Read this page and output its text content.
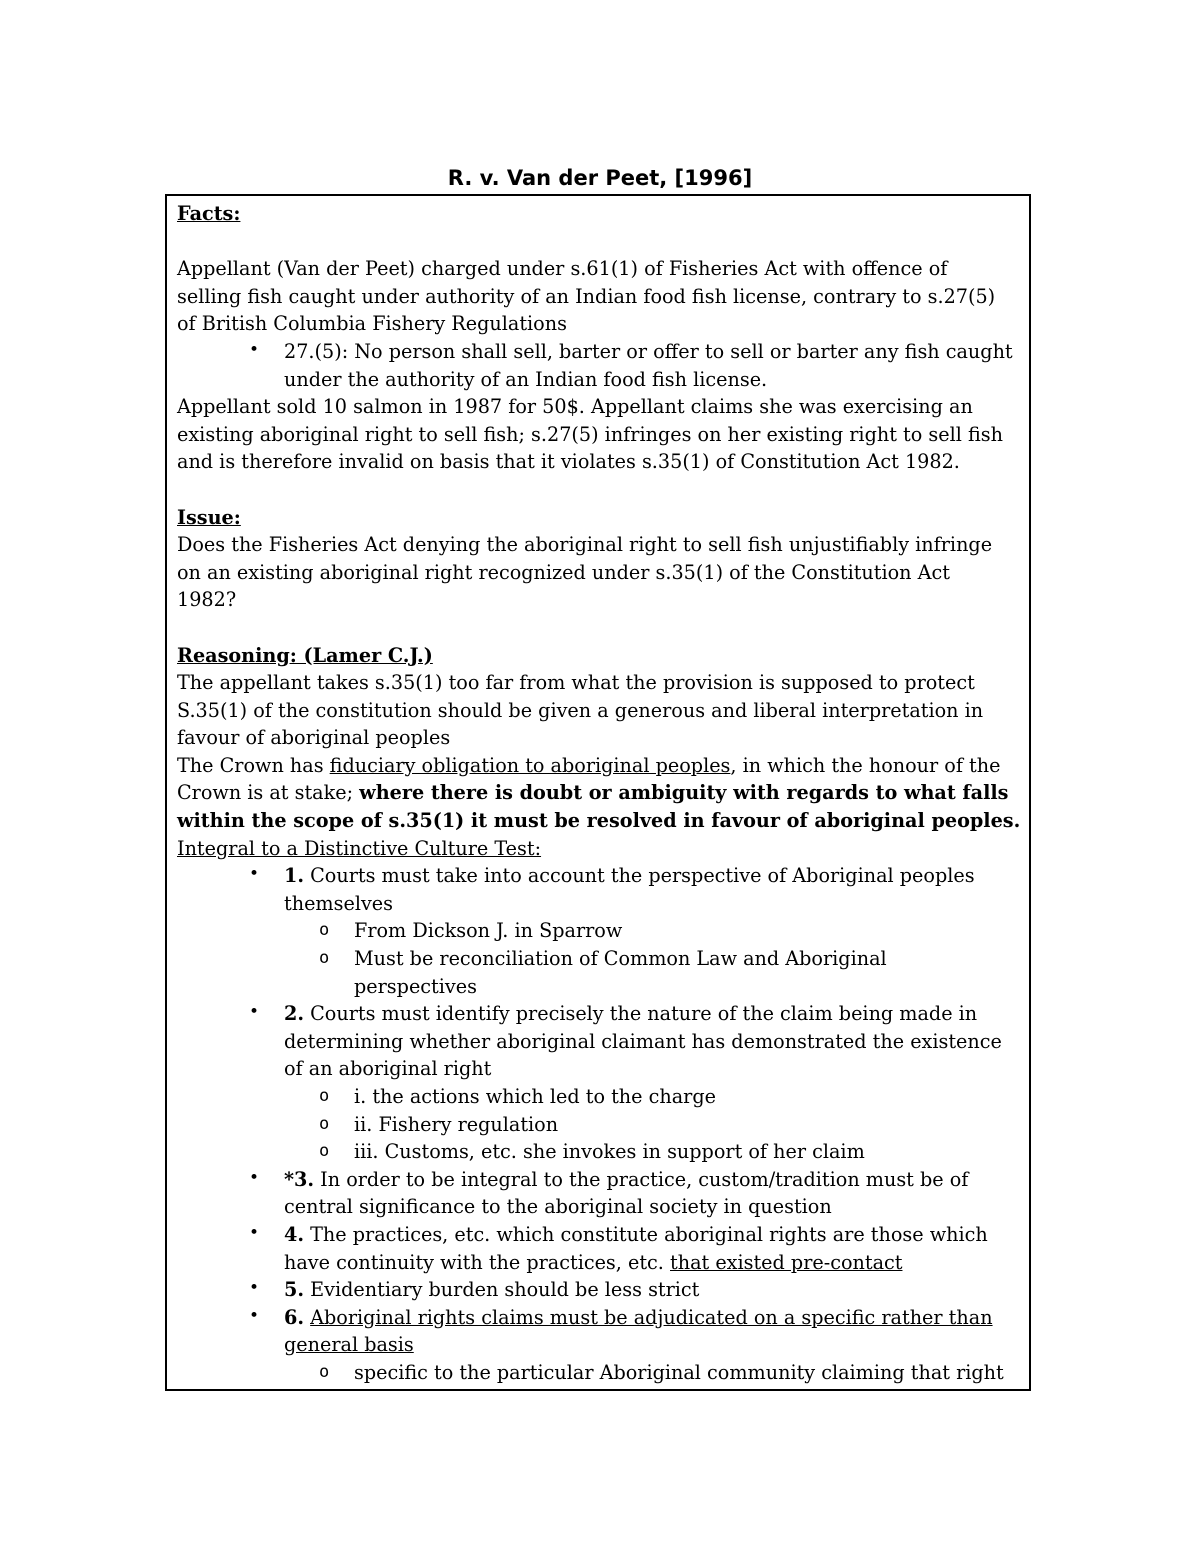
R. v. Van der Peet, [1996]
Facts:
Appellant (Van der Peet) charged under s.61(1) of Fisheries Act with offence of
selling fish caught under authority of an Indian food fish license, contrary to s.27(5)
of British Columbia Fishery Regulations
• 27.(5): No person shall sell, barter or offer to sell or barter any fish caught
under the authority of an Indian food fish license.
Appellant sold 10 salmon in 1987 for 50$. Appellant claims she was exercising an
existing aboriginal right to sell fish; s.27(5) infringes on her existing right to sell fish
and is therefore invalid on basis that it violates s.35(1) of Constitution Act 1982.
Issue:
Does the Fisheries Act denying the aboriginal right to sell fish unjustifiably infringe
on an existing aboriginal right recognized under s.35(1) of the Constitution Act
1982?
Reasoning: (Lamer C.J.)
The appellant takes s.35(1) too far from what the provision is supposed to protect
S.35(1) of the constitution should be given a generous and liberal interpretation in
favour of aboriginal peoples
The Crown has fiduciary obligation to aboriginal peoples, in which the honour of the
Crown is at stake; where there is doubt or ambiguity with regards to what falls
within the scope of s.35(1) it must be resolved in favour of aboriginal peoples.
Integral to a Distinctive Culture Test:
• 1. Courts must take into account the perspective of Aboriginal peoples
themselves
o From Dickson J. in Sparrow
o Must be reconciliation of Common Law and Aboriginal
perspectives
• 2. Courts must identify precisely the nature of the claim being made in
determining whether aboriginal claimant has demonstrated the existence
of an aboriginal right
o i. the actions which led to the charge
o ii. Fishery regulation
o iii. Customs, etc. she invokes in support of her claim
• *3. In order to be integral to the practice, custom/tradition must be of
central significance to the aboriginal society in question
• 4. The practices, etc. which constitute aboriginal rights are those which
have continuity with the practices, etc. that existed pre-contact
• 5. Evidentiary burden should be less strict
• 6. Aboriginal rights claims must be adjudicated on a specific rather than
general basis
o specific to the particular Aboriginal community claiming that right
